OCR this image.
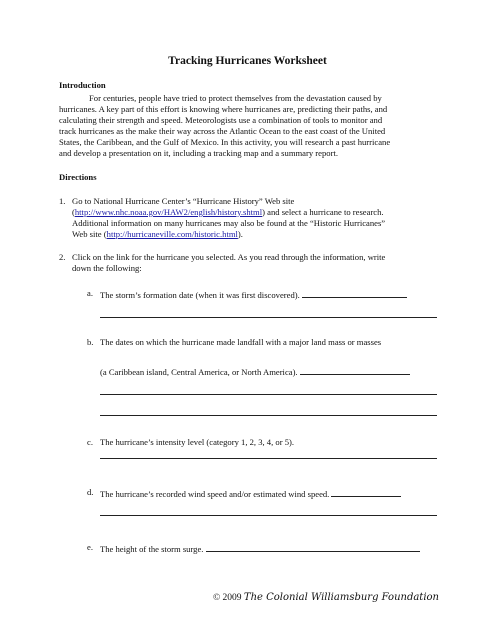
Tracking Hurricanes Worksheet
Introduction
For centuries, people have tried to protect themselves from the devastation caused by
hurricanes. A key part of this effort is knowing where hurricanes are, predicting their paths, and
calculating their strength and speed. Meteorologists use a combination of tools to monitor and
track hurricanes as the make their way across the Atlantic Ocean to the east coast of the United
States, the Caribbean, and the Gulf of Mexico. In this activity, you will research a past hurricane
and develop a presentation on it, including a tracking map and a summary report.
Directions
1. Go to National Hurricane Center’s “Hurricane History” Web site
(http://www.nhc.noaa.gov/HAW2/english/history.shtml) and select a hurricane to research.
Additional information on many hurricanes may also be found at the “Historic Hurricanes”
Web site (http://hurricaneville.com/historic.html).
2. Click on the link for the hurricane you selected. As you read through the information, write
down the following:
a. The storm’s formation date (when it was first discovered).
b. The dates on which the hurricane made landfall with a major land mass or masses
(a Caribbean island, Central America, or North America).
c. The hurricane’s intensity level (category 1, 2, 3, 4, or 5).
d. The hurricane’s recorded wind speed and/or estimated wind speed.
e. The height of the storm surge.
© 2009 The Colonial Williamsburg Foundation
